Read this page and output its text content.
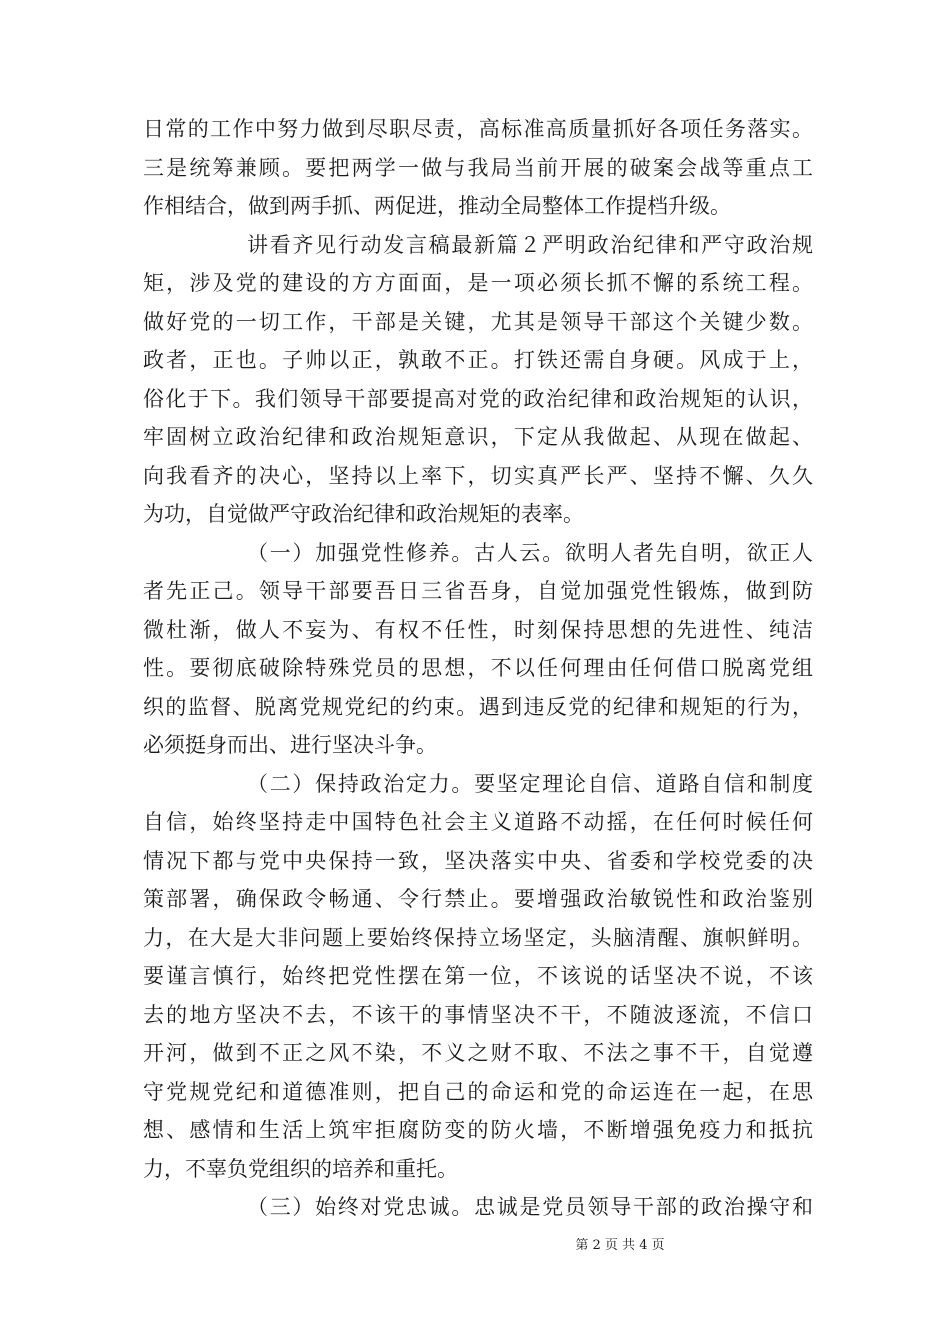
日常的工作中努力做到尽职尽责，高标准高质量抓好各项任务落实。
三是统筹兼顾。要把两学一做与我局当前开展的破案会战等重点工
作相结合，做到两手抓、两促进，推动全局整体工作提档升级。
讲看齐见行动发言稿最新篇２严明政治纪律和严守政治规
矩，涉及党的建设的方方面面，是一项必须长抓不懈的系统工程。
做好党的一切工作，干部是关键，尤其是领导干部这个关键少数。
政者，正也。子帅以正，孰敢不正。打铁还需自身硬。风成于上，
俗化于下。我们领导干部要提高对党的政治纪律和政治规矩的认识，
牢固树立政治纪律和政治规矩意识，下定从我做起、从现在做起、
向我看齐的决心，坚持以上率下，切实真严长严、坚持不懈、久久
为功，自觉做严守政治纪律和政治规矩的表率。
（一）加强党性修养。古人云。欲明人者先自明，欲正人
者先正己。领导干部要吾日三省吾身，自觉加强党性锻炼，做到防
微杜渐，做人不妄为、有权不任性，时刻保持思想的先进性、纯洁
性。要彻底破除特殊党员的思想，不以任何理由任何借口脱离党组
织的监督、脱离党规党纪的约束。遇到违反党的纪律和规矩的行为，
必须挺身而出、进行坚决斗争。
（二）保持政治定力。要坚定理论自信、道路自信和制度
自信，始终坚持走中国特色社会主义道路不动摇，在任何时候任何
情况下都与党中央保持一致，坚决落实中央、省委和学校党委的决
策部署，确保政令畅通、令行禁止。要增强政治敏锐性和政治鉴别
力，在大是大非问题上要始终保持立场坚定，头脑清醒、旗帜鲜明。
要谨言慎行，始终把党性摆在第一位，不该说的话坚决不说，不该
去的地方坚决不去，不该干的事情坚决不干，不随波逐流，不信口
开河，做到不正之风不染，不义之财不取、不法之事不干，自觉遵
守党规党纪和道德准则，把自己的命运和党的命运连在一起，在思
想、感情和生活上筑牢拒腐防变的防火墙，不断增强免疫力和抵抗
力，不辜负党组织的培养和重托。
（三）始终对党忠诚。忠诚是党员领导干部的政治操守和
第 2 页 共 4 页
